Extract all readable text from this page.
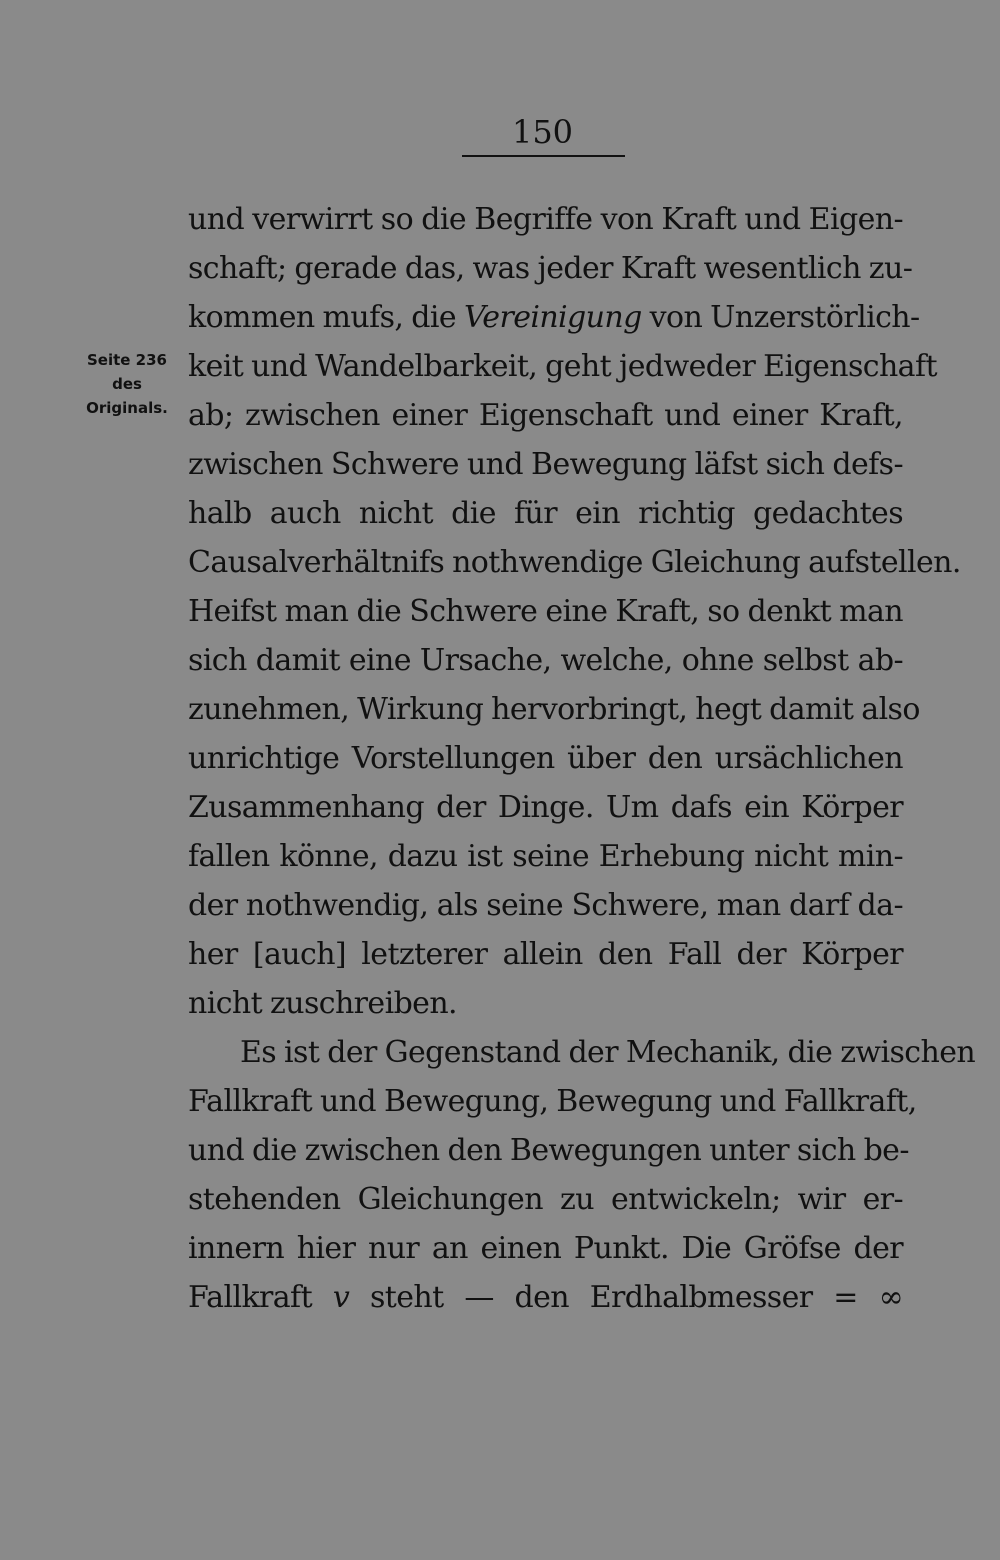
150
Seite 236
des
Originals.
und verwirrt so die Begriffe von Kraft und Eigen-
schaft; gerade das, was jeder Kraft wesentlich zu-
kommen mufs, die Vereinigung von Unzerstörlich-
keit und Wandelbarkeit, geht jedweder Eigenschaft
ab; zwischen einer Eigenschaft und einer Kraft,
zwischen Schwere und Bewegung läfst sich defs-
halb auch nicht die für ein richtig gedachtes
Causalverhältnifs nothwendige Gleichung aufstellen.
Heifst man die Schwere eine Kraft, so denkt man
sich damit eine Ursache, welche, ohne selbst ab-
zunehmen, Wirkung hervorbringt, hegt damit also
unrichtige Vorstellungen über den ursächlichen
Zusammenhang der Dinge. Um dafs ein Körper
fallen könne, dazu ist seine Erhebung nicht min-
der nothwendig, als seine Schwere, man darf da-
her [auch] letzterer allein den Fall der Körper
nicht zuschreiben.
Es ist der Gegenstand der Mechanik, die zwischen
Fallkraft und Bewegung, Bewegung und Fallkraft,
und die zwischen den Bewegungen unter sich be-
stehenden Gleichungen zu entwickeln; wir er-
innern hier nur an einen Punkt. Die Gröfse der
Fallkraft v steht — den Erdhalbmesser = ∞
